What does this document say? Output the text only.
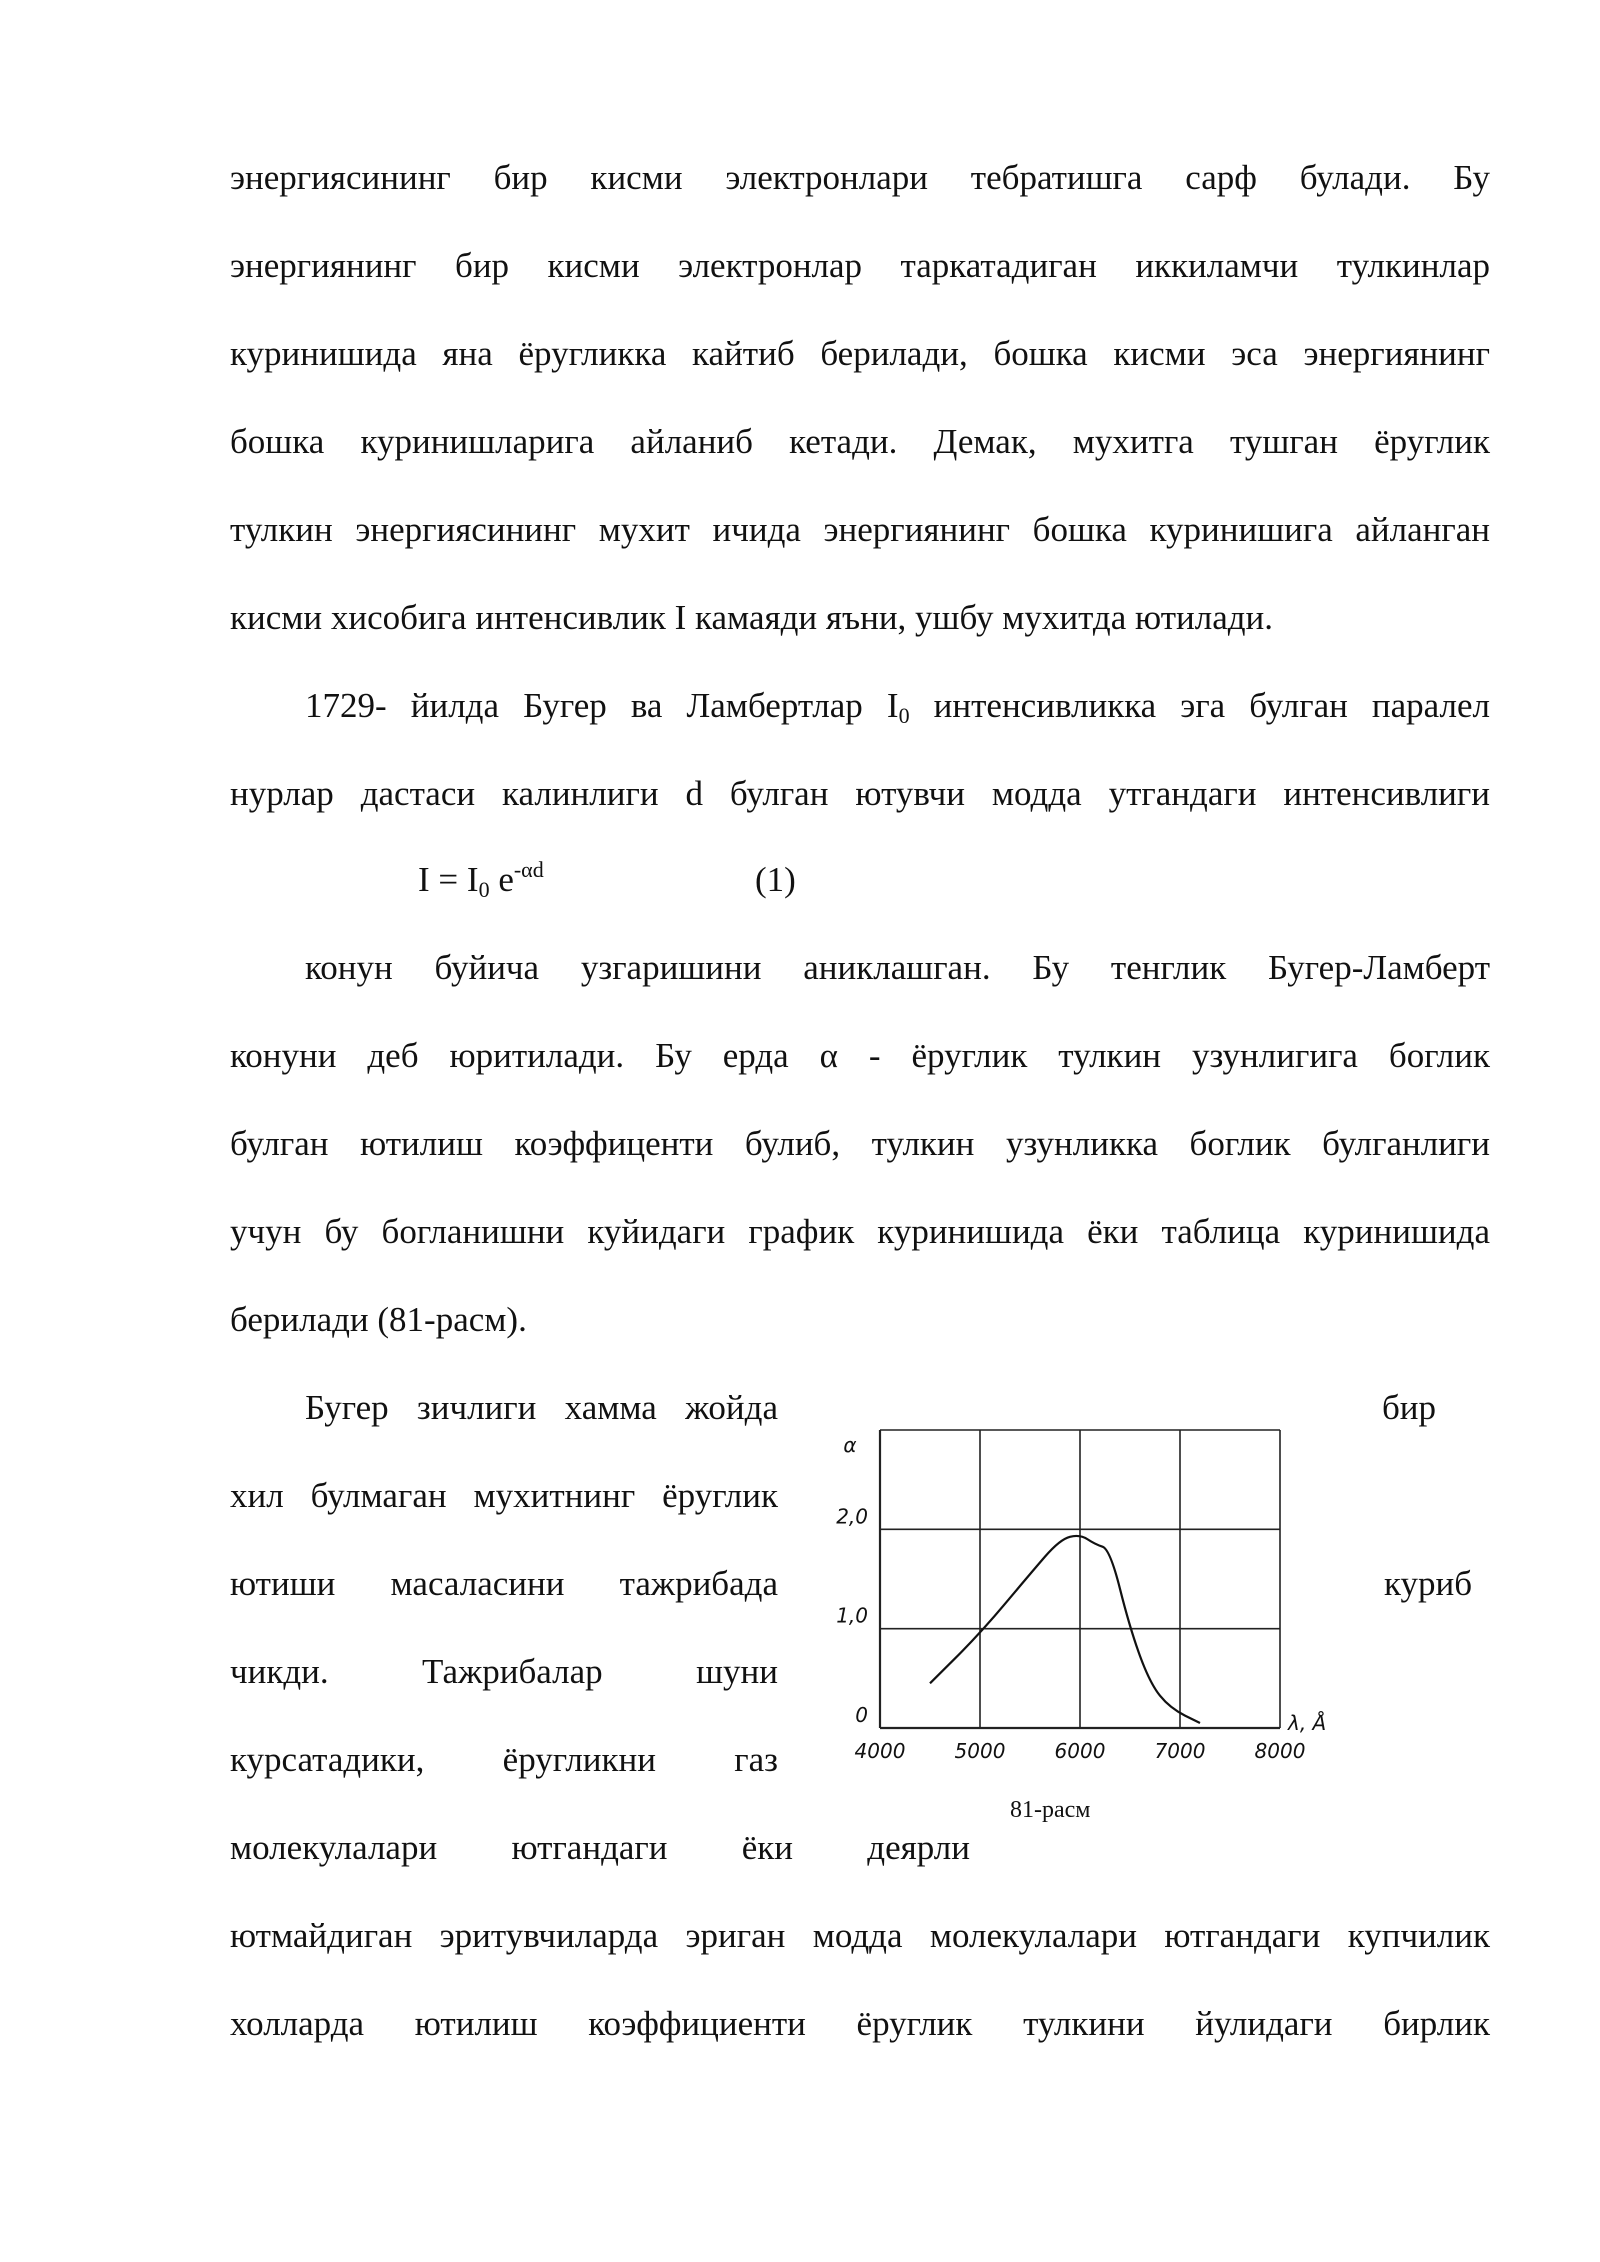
энергиясининг бир кисми электронлари тебратишга сарф булади. Бу
энергиянинг бир кисми электронлар таркатадиган иккиламчи тулкинлар
куринишида яна ёругликка кайтиб берилади, бошка кисми эса энергиянинг
бошка куринишларига айланиб кетади. Демак, мухитга тушган ёруглик
тулкин энергиясининг мухит ичида энергиянинг бошка куринишига айланган
кисми хисобига интенсивлик I камаяди яъни, ушбу мухитда ютилади.
1729- йилда Бугер ва Ламбертлар $I_0$ интенсивликка эга булган паралел
нурлар дастаси калинлиги d булган ютувчи модда утгандаги интенсивлиги
$I = I_0$ $e^{-\alpha d}$	(1)
конун буйича узгаришини аниклашган. Бу тенглик Бугер-Ламберт
конуни деб юритилади. Бу ерда α - ёруглик тулкин узунлигига боглик
булган ютилиш коэффиценти булиб, тулкин узунликка боглик булганлиги
учун бу богланишни куйидаги график куринишида ёки таблица куринишида
берилади (81-расм).
Бугер зичлиги хамма жойда	бир
хил булмаган мухитнинг ёруглик
ютиши масаласини тажрибада	куриб
чикди. Тажрибалар шуни
курсатадики, ёругликни газ
молекулалари ютгандаги ёки деярли
4000 5000 6000 7000 8000
0
1,0
2,0
α
λ, Å
81-расм
ютмайдиган эритувчиларда эриган модда молекулалари ютгандаги купчилик
холларда ютилиш коэффициенти ёруглик тулкини йулидаги бирлик
